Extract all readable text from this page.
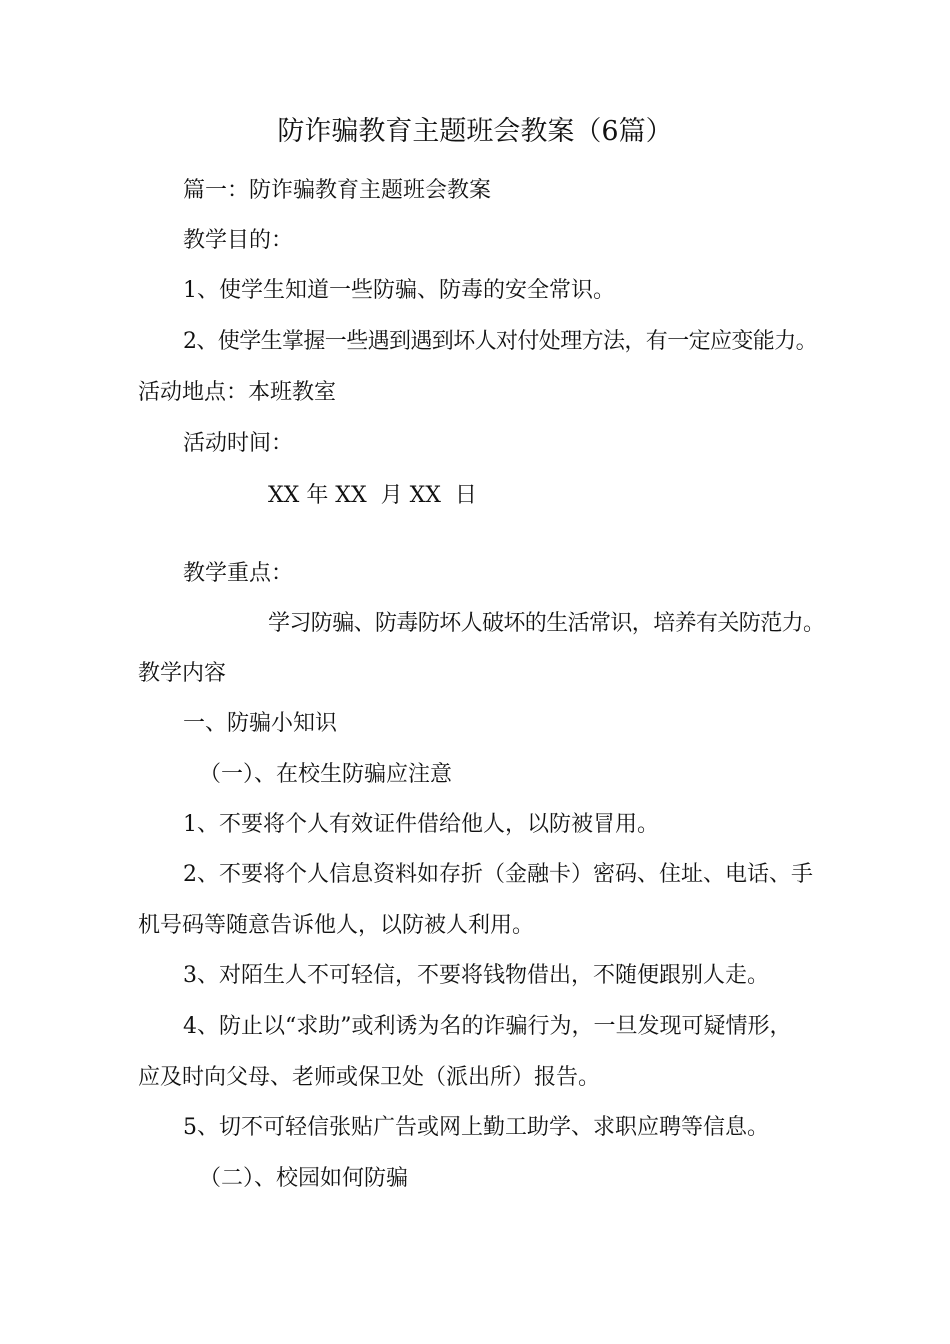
防诈骗教育主题班会教案（6篇）
篇一：防诈骗教育主题班会教案
教学目的：
1、使学生知道一些防骗、防毒的安全常识。
2、使学生掌握一些遇到遇到坏人对付处理方法，有一定应变能力。
活动地点：本班教室
活动时间：
XX 年 XX  月 XX  日
教学重点：
学习防骗、防毒防坏人破坏的生活常识，培养有关防范力。
教学内容
一、防骗小知识
（一）、在校生防骗应注意
1、不要将个人有效证件借给他人，以防被冒用。
2、不要将个人信息资料如存折（金融卡）密码、住址、电话、手
机号码等随意告诉他人，以防被人利用。
3、对陌生人不可轻信，不要将钱物借出，不随便跟别人走。
4、防止以“求助”或利诱为名的诈骗行为，一旦发现可疑情形，
应及时向父母、老师或保卫处（派出所）报告。
5、切不可轻信张贴广告或网上勤工助学、求职应聘等信息。
（二）、校园如何防骗
